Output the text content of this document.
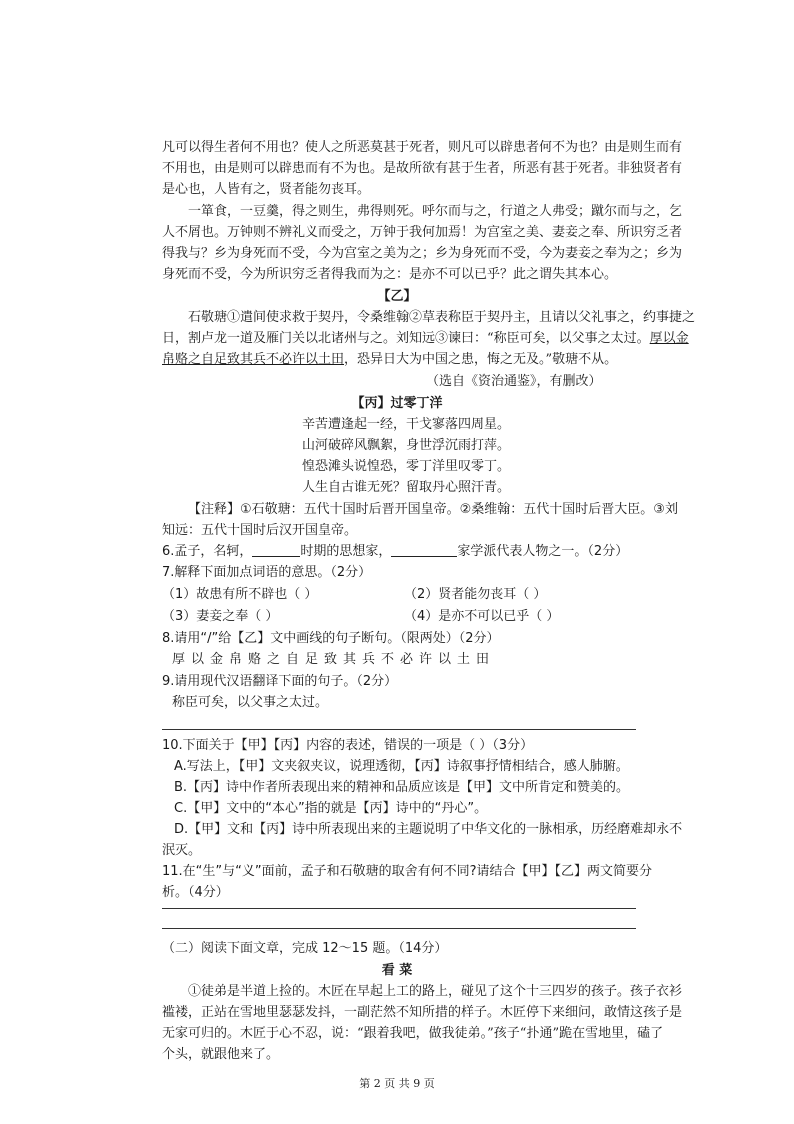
凡可以得生者何不用也？使人之所恶莫甚于死者，则凡可以辟患者何不为也？由是则生而有
不用也，由是则可以辟患而有不为也。是故所欲有甚于生者，所恶有甚于死者。非独贤者有
是心也，人皆有之，贤者能勿丧耳。
一箪食，一豆羹，得之则生，弗得则死。呼尔而与之，行道之人弗受；蹴尔而与之，乞
人不屑也。万钟则不辨礼义而受之，万钟于我何加焉！为宫室之美、妻妾之奉、所识穷乏者
得我与？乡为身死而不受，今为宫室之美为之；乡为身死而不受，今为妻妾之奉为之；乡为
身死而不受，今为所识穷乏者得我而为之：是亦不可以已乎？此之谓失其本心。
【乙】
石敬瑭①遣间使求救于契丹，令桑维翰②草表称臣于契丹主，且请以父礼事之，约事捷之
日，割卢龙一道及雁门关以北诸州与之。刘知远③谏曰：“称臣可矣，以父事之太过。厚以金
帛赂之自足致其兵不必许以土田，恐异日大为中国之患，悔之无及。”敬瑭不从。
（选自《资治通鉴》，有删改）
【丙】过零丁洋
辛苦遭逢起一经，干戈寥落四周星。
山河破碎风飘絮，身世浮沉雨打萍。
惶恐滩头说惶恐，零丁洋里叹零丁。
人生自古谁无死？留取丹心照汗青。
【注释】①石敬瑭：五代十国时后晋开国皇帝。②桑维翰：五代十国时后晋大臣。③刘
知远：五代十国时后汉开国皇帝。
6.孟子，名轲，	时期的思想家，	家学派代表人物之一。（2分）
7.解释下面加点词语的意思。（2分）
（1）故患有所不辟也（ ）	（2）贤者能勿丧耳（ ）
（3）妻妾之奉（ ）	（4）是亦不可以已乎（ ）
8.请用“/”给【乙】文中画线的句子断句。（限两处）（2分）
厚以金帛赂之自足致其兵不必许以土田
9.请用现代汉语翻译下面的句子。（2分）
称臣可矣，以父事之太过。
10.下面关于【甲】【丙】内容的表述，错误的一项是（ ）（3分）
A.写法上，【甲】文夹叙夹议，说理透彻，【丙】诗叙事抒情相结合，感人肺腑。
B.【丙】诗中作者所表现出来的精神和品质应该是【甲】文中所肯定和赞美的。
C.【甲】文中的“本心”指的就是【丙】诗中的“丹心”。
D.【甲】文和【丙】诗中所表现出来的主题说明了中华文化的一脉相承，历经磨难却永不
泯灭。
11.在“生”与“义”面前，孟子和石敬瑭的取舍有何不同?请结合【甲】【乙】两文简要分
析。（4分）
（二）阅读下面文章，完成 12～15 题。（14分）
看 菜
①徒弟是半道上捡的。木匠在早起上工的路上，碰见了这个十三四岁的孩子。孩子衣衫
褴褛，正站在雪地里瑟瑟发抖，一副茫然不知所措的样子。木匠停下来细问，敢情这孩子是
无家可归的。木匠于心不忍，说：“跟着我吧，做我徒弟。”孩子“扑通”跪在雪地里，磕了
个头，就跟他来了。
第 2 页 共 9 页
